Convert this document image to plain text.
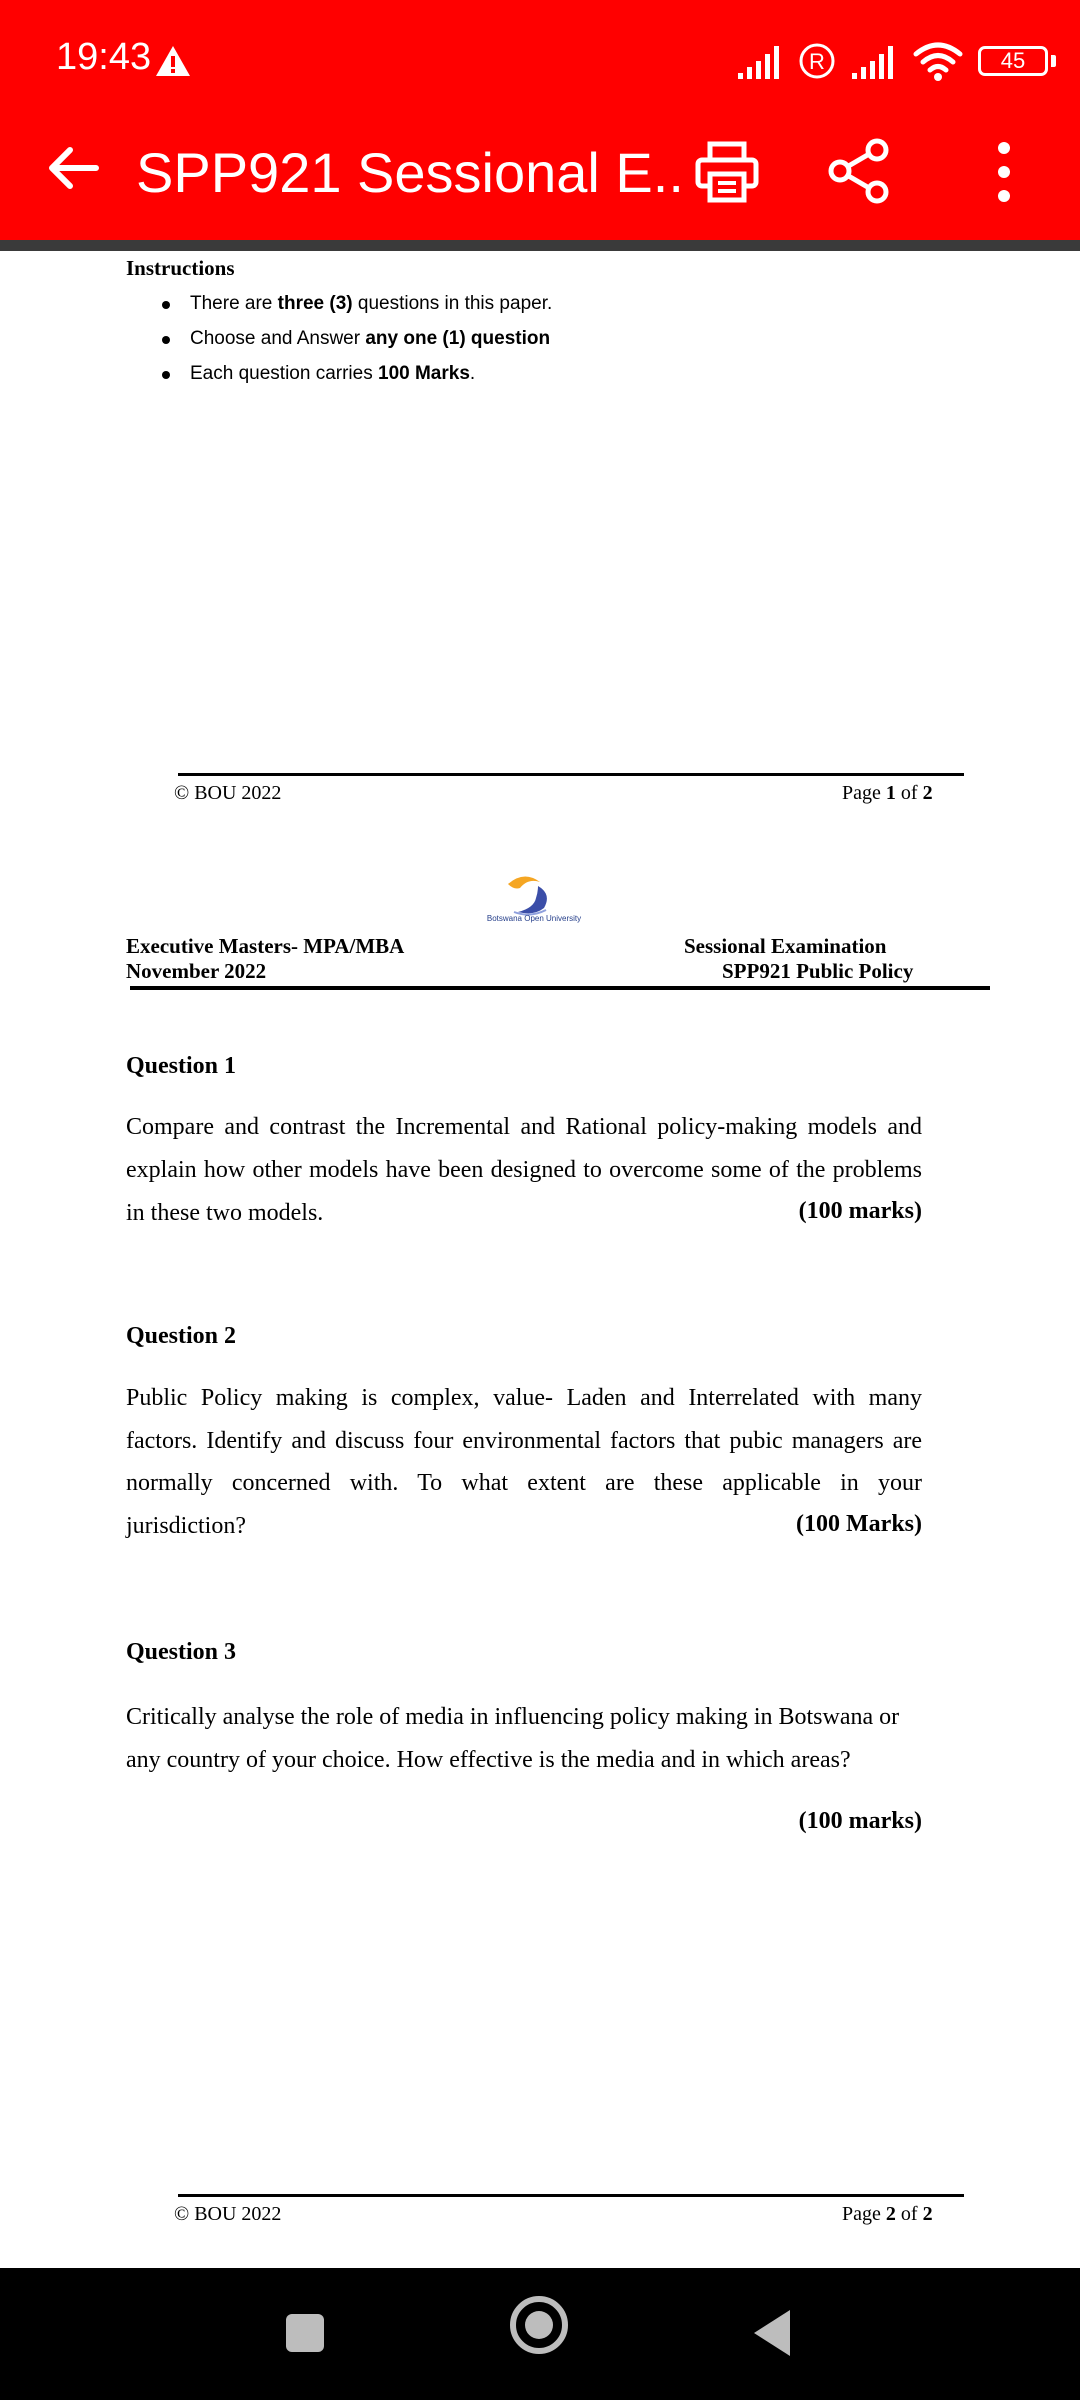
19:43	R	45
SPP921 Sessional E..
Instructions
There are three (3) questions in this paper.
Choose and Answer any one (1) question
Each question carries 100 Marks.
© BOU 2022	Page 1 of 2
Botswana Open University
Executive Masters- MPA/MBA
November 2022
Sessional Examination
SPP921 Public Policy
Question 1
Compare and contrast the Incremental and Rational policy-making models and
explain how other models have been designed to overcome some of the problems
in these two models.	(100 marks)
Question 2
Public Policy making is complex, value- Laden and Interrelated with many
factors. Identify and discuss four environmental factors that pubic managers are
normally concerned with. To what extent are these applicable in your
jurisdiction?	(100 Marks)
Question 3
Critically analyse the role of media in influencing policy making in Botswana or
any country of your choice. How effective is the media and in which areas?
(100 marks)
© BOU 2022	Page 2 of 2
